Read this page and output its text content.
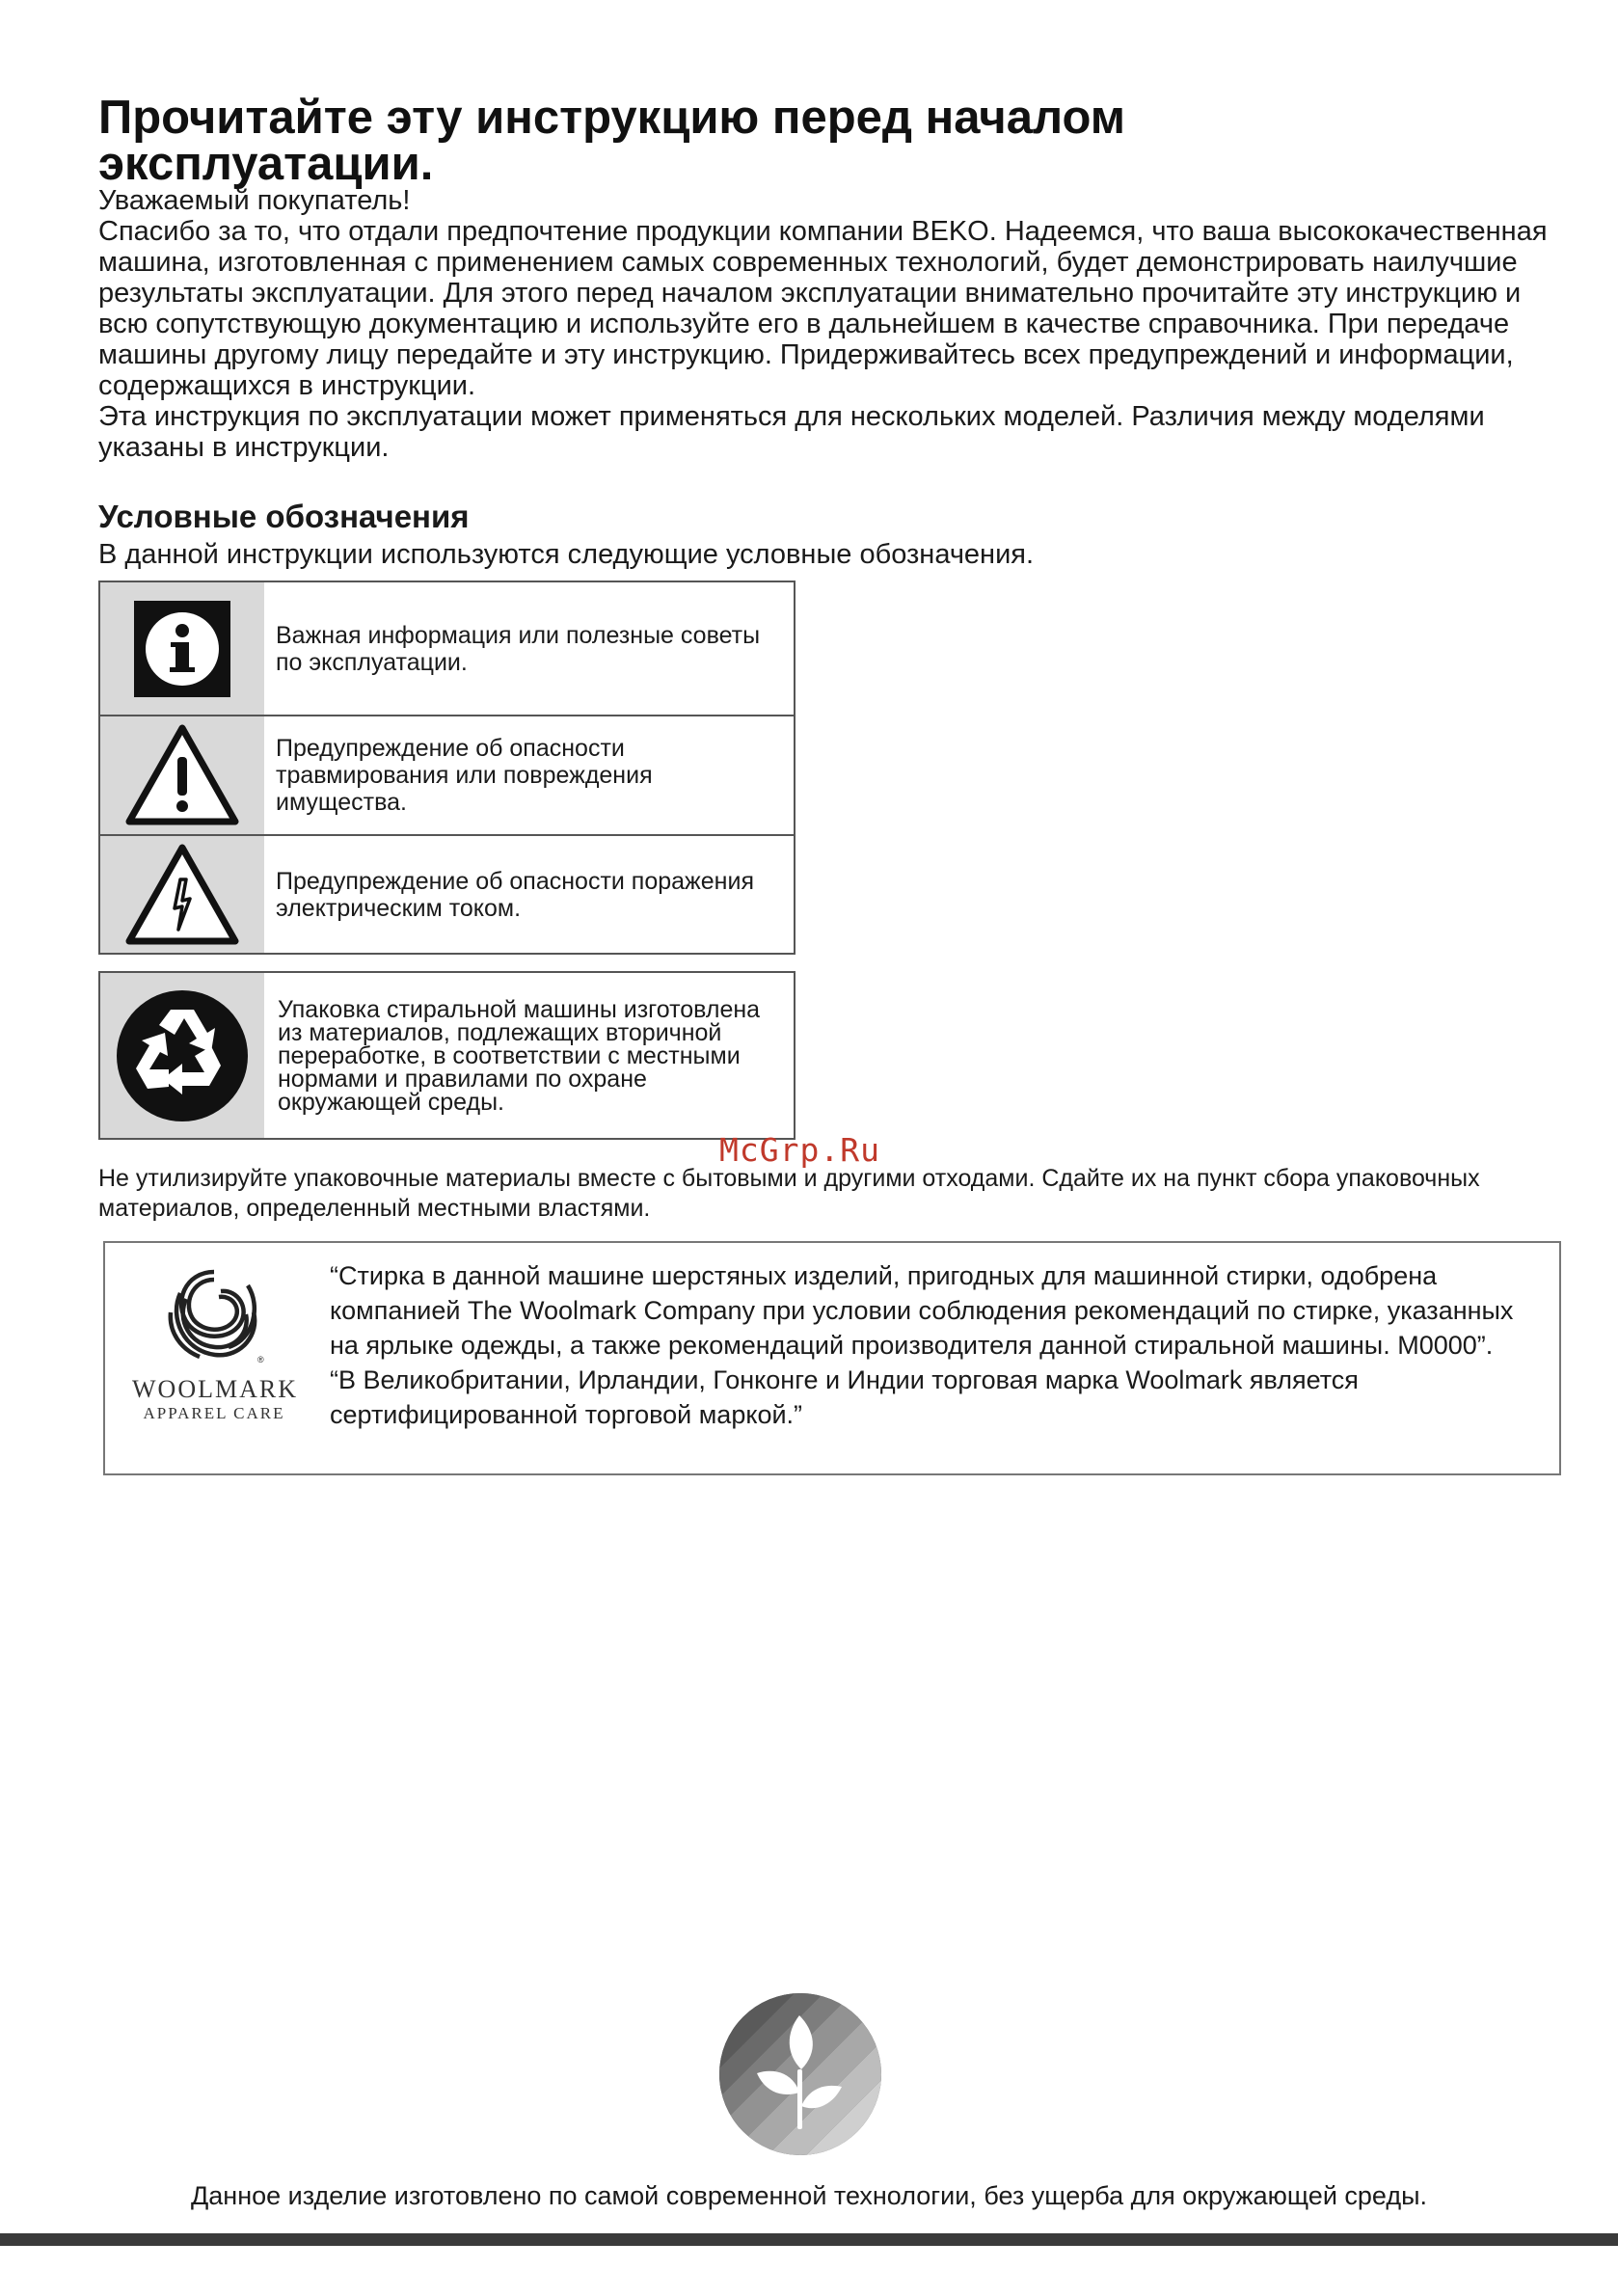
Прочитайте эту инструкцию перед началом
эксплуатации.

Уважаемый покупатель!

Спасибо за то, что отдали предпочтение продукции компании BEKO. Надеемся, что ваша высококачественная машина, изготовленная с применением самых современных технологий, будет демонстрировать наилучшие результаты эксплуатации. Для этого перед началом эксплуатации внимательно прочитайте эту инструкцию и всю сопутствующую документацию и используйте его в дальнейшем в качестве справочника. При передаче машины другому лицу передайте и эту инструкцию. Придерживайтесь всех предупреждений и информации, содержащихся в инструкции.

Эта инструкция по эксплуатации может применяться для нескольких моделей. Различия между моделями указаны в инструкции.

Условные обозначения
В данной инструкции используются следующие условные обозначения.
Важная информация или полезные советы по эксплуатации.
Предупреждение об опасности травмирования или повреждения имущества.
Предупреждение об опасности поражения электрическим током.
Упаковка стиральной машины изготовлена из материалов, подлежащих вторичной переработке, в соответствии с местными нормами и правилами по охране окружающей среды.
McGrp.Ru
Не утилизируйте упаковочные материалы вместе с бытовыми и другими отходами. Сдайте их на пункт сбора упаковочных материалов, определенный местными властями.
®
WOOLMARK
APPAREL CARE

“Стирка в данной машине шерстяных изделий, пригодных для машинной стирки, одобрена компанией The Woolmark Company при условии соблюдения рекомендаций по стирке, указанных на ярлыке одежды, а также рекомендаций производителя данной стиральной машины. M0000”.

“В Великобритании, Ирландии, Гонконге и Индии торговая марка Woolmark является сертифицированной торговой маркой.”

Данное изделие изготовлено по самой современной технологии, без ущерба для окружающей среды.
